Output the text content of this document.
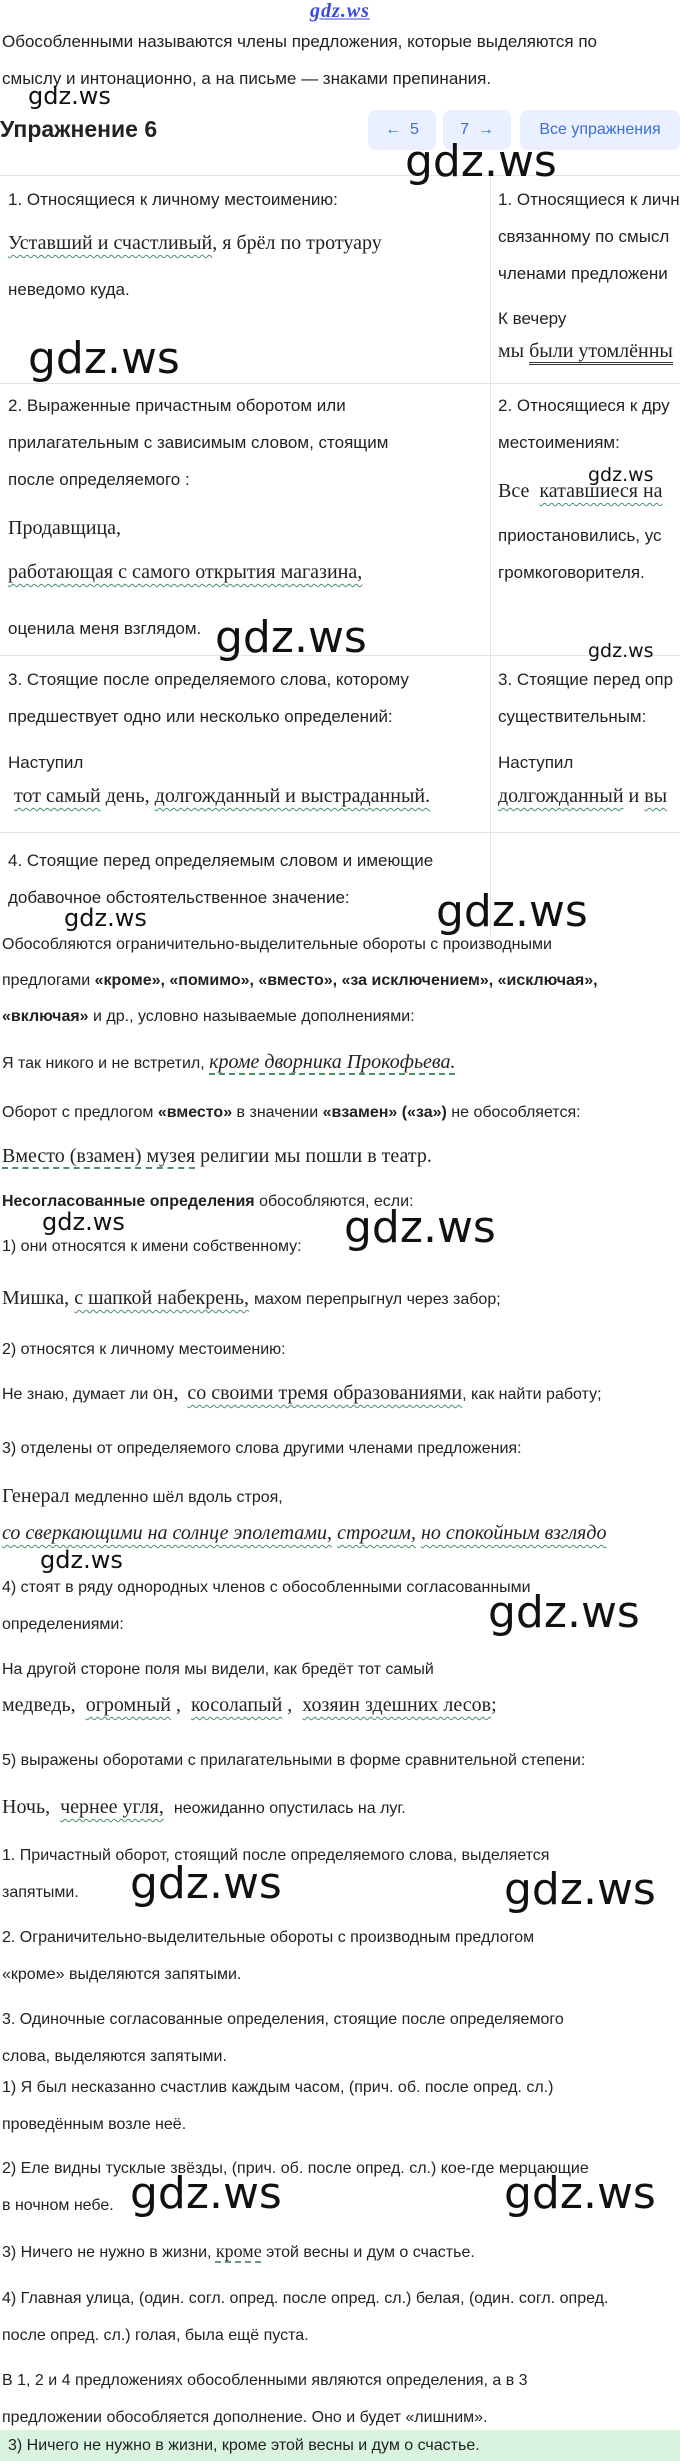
gdz.ws
Обособленными называются члены предложения, которые выделяются по
смыслу и интонационно, а на письме — знаками препинания.
Упражнение 6	← 5	7 →	Все упражнения
1. Относящиеся к личному местоимению:
Уставший и счастливый, я брёл по тротуару
неведомо куда.
1. Относящиеся к личн
связанному по смысл
членами предложени
К вечеру
мы были утомлённы
2. Выраженные причастным оборотом или
прилагательным с зависимым словом, стоящим
после определяемого :
Продавщица,
работающая с самого открытия магазина,
оценила меня взглядом.
2. Относящиеся к дру
местоимениям:
Все катавшиеся на
приостановились, ус
громкоговорителя.
3. Стоящие после определяемого слова, которому
предшествует одно или несколько определений:
Наступил
тот самый день, долгожданный и выстраданный.
3. Стоящие перед опр
существительным:
Наступил
долгожданный и вы
4. Стоящие перед определяемым словом и имеющие
добавочное обстоятельственное значение:
Обособляются ограничительно-выделительные обороты с производными
предлогами «кроме», «помимо», «вместо», «за исключением», «исключая»,
«включая» и др., условно называемые дополнениями:
Я так никого и не встретил, кроме дворника Прокофьева.
Оборот с предлогом «вместо» в значении «взамен» («за») не обособляется:
Вместо (взамен) музея религии мы пошли в театр.
Несогласованные определения обособляются, если:
1) они относятся к имени собственному:
Мишка, с шапкой набекрень, махом перепрыгнул через забор;
2) относятся к личному местоимению:
Не знаю, думает ли он, со своими тремя образованиями, как найти работу;
3) отделены от определяемого слова другими членами предложения:
Генерал медленно шёл вдоль строя,
со сверкающими на солнце эполетами, строгим, но спокойным взглядо
4) стоят в ряду однородных членов с обособленными согласованными
определениями:
На другой стороне поля мы видели, как бредёт тот самый
медведь, огромный , косолапый , хозяин здешних лесов;
5) выражены оборотами с прилагательными в форме сравнительной степени:
Ночь, чернее угля, неожиданно опустилась на луг.
1. Причастный оборот, стоящий после определяемого слова, выделяется
запятыми.
2. Ограничительно-выделительные обороты с производным предлогом
«кроме» выделяются запятыми.
3. Одиночные согласованные определения, стоящие после определяемого
слова, выделяются запятыми.
1) Я был несказанно счастлив каждым часом, (прич. об. после опред. сл.)
проведённым возле неё.
2) Еле видны тусклые звёзды, (прич. об. после опред. сл.) кое-где мерцающие
в ночном небе.
3) Ничего не нужно в жизни, кроме этой весны и дум о счастье.
4) Главная улица, (один. согл. опред. после опред. сл.) белая, (один. согл. опред.
после опред. сл.) голая, была ещё пуста.
В 1, 2 и 4 предложениях обособленными являются определения, а в 3
предложении обособляется дополнение. Оно и будет «лишним».
3) Ничего не нужно в жизни, кроме этой весны и дум о счастье.
gdz.ws
gdz.ws
gdz.ws
gdz.ws
gdz.ws	gdz.ws
gdz.ws
gdz.ws
gdz.ws	gdz.ws
gdz.ws
gdz.ws
gdz.ws	gdz.ws
gdz.ws	gdz.ws
